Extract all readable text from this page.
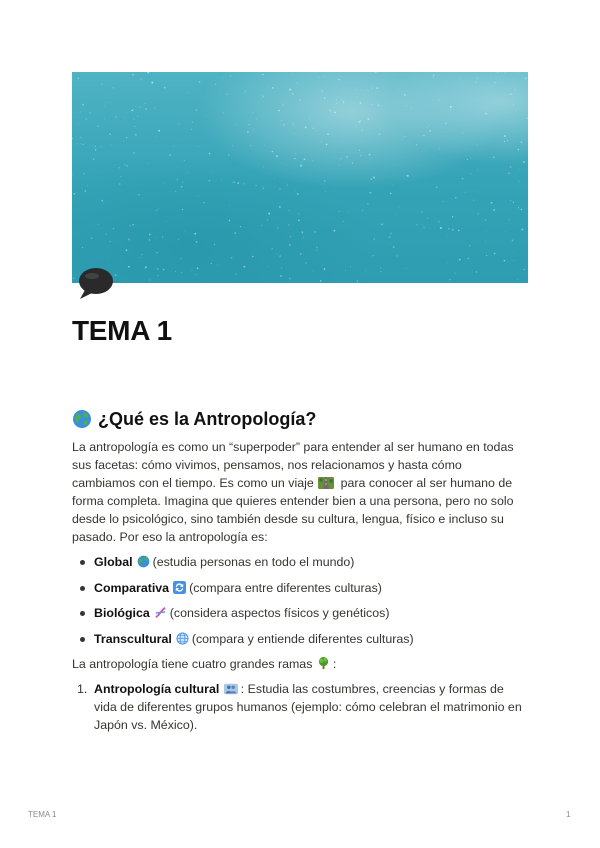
TEMA 1
¿Qué es la Antropología?

La antropología es como un “superpoder” para entender al ser humano en todas sus facetas: cómo vivimos, pensamos, nos relacionamos y hasta cómo cambiamos con el tiempo. Es como un viaje para conocer al ser humano de forma completa. Imagina que quieres entender bien a una persona, pero no solo desde lo psicológico, sino también desde su cultura, lengua, físico e incluso su pasado. Por eso la antropología es:

Global (estudia personas en todo el mundo)
Comparativa (compara entre diferentes culturas)
Biológica (considera aspectos físicos y genéticos)
Transcultural (compara y entiende diferentes culturas)

La antropología tiene cuatro grandes ramas :

1. Antropología cultural : Estudia las costumbres, creencias y formas de vida de diferentes grupos humanos (ejemplo: cómo celebran el matrimonio en Japón vs. México).
TEMA 1	1
